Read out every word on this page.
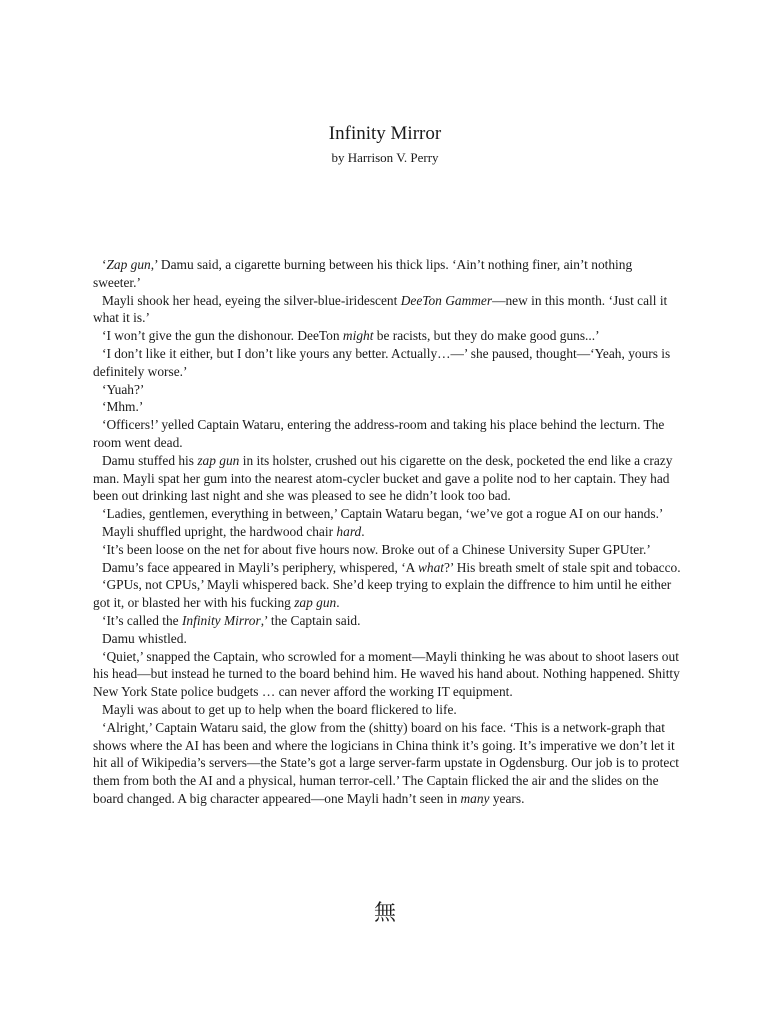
Infinity Mirror
by Harrison V. Perry

‘Zap gun,’ Damu said, a cigarette burning between his thick lips. ‘Ain’t nothing finer, ain’t nothing sweeter.’

Mayli shook her head, eyeing the silver-blue-iridescent DeeTon Gammer—new in this month. ‘Just call it what it is.’

‘I won’t give the gun the dishonour. DeeTon might be racists, but they do make good guns...’

‘I don’t like it either, but I don’t like yours any better. Actually…—’ she paused, thought—‘Yeah, yours is definitely worse.’

‘Yuah?’

‘Mhm.’

‘Officers!’ yelled Captain Wataru, entering the address-room and taking his place behind the lecturn. The room went dead.

Damu stuffed his zap gun in its holster, crushed out his cigarette on the desk, pocketed the end like a crazy man. Mayli spat her gum into the nearest atom-cycler bucket and gave a polite nod to her captain. They had been out drinking last night and she was pleased to see he didn’t look too bad.

‘Ladies, gentlemen, everything in between,’ Captain Wataru began, ‘we’ve got a rogue AI on our hands.’

Mayli shuffled upright, the hardwood chair hard.

‘It’s been loose on the net for about five hours now. Broke out of a Chinese University Super GPUter.’

Damu’s face appeared in Mayli’s periphery, whispered, ‘A what?’ His breath smelt of stale spit and tobacco.

‘GPUs, not CPUs,’ Mayli whispered back. She’d keep trying to explain the diffrence to him until he either got it, or blasted her with his fucking zap gun.

‘It’s called the Infinity Mirror,’ the Captain said.

Damu whistled.

‘Quiet,’ snapped the Captain, who scrowled for a moment—Mayli thinking he was about to shoot lasers out his head—but instead he turned to the board behind him. He waved his hand about. Nothing happened. Shitty New York State police budgets … can never afford the working IT equipment.

Mayli was about to get up to help when the board flickered to life.

‘Alright,’ Captain Wataru said, the glow from the (shitty) board on his face. ‘This is a network-graph that shows where the AI has been and where the logicians in China think it’s going. It’s imperative we don’t let it hit all of Wikipedia’s servers—the State’s got a large server-farm upstate in Ogdensburg. Our job is to protect them from both the AI and a physical, human terror-cell.’ The Captain flicked the air and the slides on the board changed. A big character appeared—one Mayli hadn’t seen in many years.

無
